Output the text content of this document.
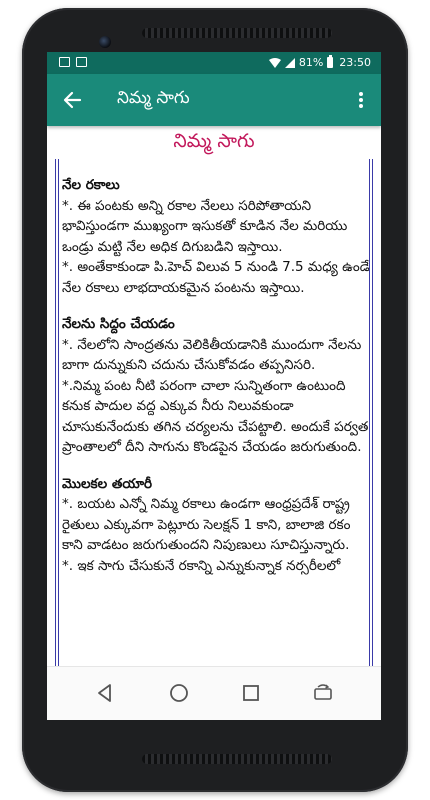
81% 23:50
నిమ్మ సాగు
నిమ్మ సాగు
నేల రకాలు

*. ఈ పంటకు అన్ని రకాల నేలలు సరిపోతాయని భావిస్తుండగా ముఖ్యంగా ఇసుకతో కూడిన నేల మరియు ఒండ్రు మట్టి నేల అధిక దిగుబడిని ఇస్తాయి.

*. అంతేకాకుండా పి.హెచ్ విలువ 5 నుండి 7.5 మధ్య ఉండే నేల రకాలు లాభదాయకమైన పంటను ఇస్తాయి.

నేలను సిద్దం చేయడం

*. నేలలోని సాంద్రతను వెలికితీయడానికి ముందుగా నేలను బాగా దున్నుకుని చదును చేసుకోవడం తప్పనిసరి.

*.నిమ్మ పంట నీటి పరంగా చాలా సున్నితంగా ఉంటుంది కనుక పాదుల వద్ద ఎక్కువ నీరు నిలువకుండా చూసుకునేందుకు తగిన చర్యలను చేపట్టాలి. అందుకే పర్వత ప్రాంతాలలో దీని సాగును కొండపైన చేయడం జరుగుతుంది.

మొలకల తయారీ

*. బయట ఎన్నో నిమ్మ రకాలు ఉండగా ఆంధ్రప్రదేశ్ రాష్ట్ర రైతులు ఎక్కువగా పెట్లూరు సెలక్షన్ 1 కాని, బాలాజి రకం కాని వాడటం జరుగుతుందని నిపుణులు సూచిస్తున్నారు.

*. ఇక సాగు చేసుకునే రకాన్ని ఎన్నుకున్నాక నర్సరీలలో
